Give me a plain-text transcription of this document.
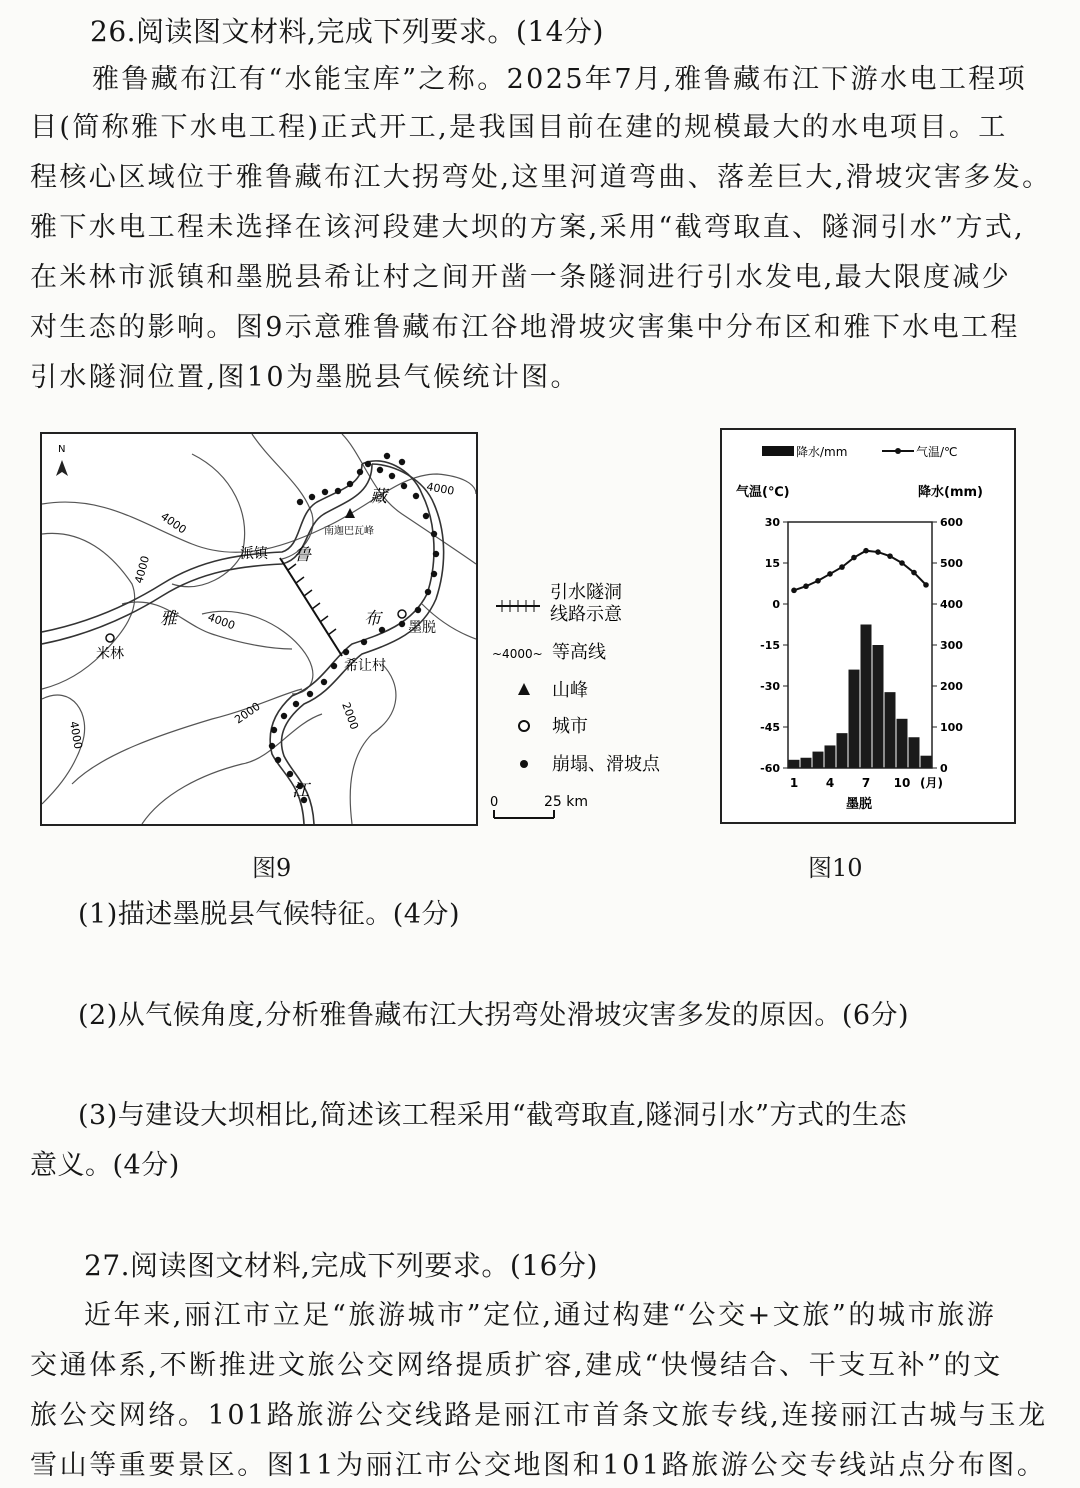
26.阅读图文材料,完成下列要求。(14分)
雅鲁藏布江有“水能宝库”之称。2025年7月,雅鲁藏布江下游水电工程项
目(简称雅下水电工程)正式开工,是我国目前在建的规模最大的水电项目。工
程核心区域位于雅鲁藏布江大拐弯处,这里河道弯曲、落差巨大,滑坡灾害多发。
雅下水电工程未选择在该河段建大坝的方案,采用“截弯取直、隧洞引水”方式,
在米林市派镇和墨脱县希让村之间开凿一条隧洞进行引水发电,最大限度减少
对生态的影响。图9示意雅鲁藏布江谷地滑坡灾害集中分布区和雅下水电工程
引水隧洞位置,图10为墨脱县气候统计图。
N
南迦巴瓦峰
米林
墨脱
派镇
希让村
雅
鲁
藏
布
江
4000
4000
4000
4000
4000
2000	2000
引水隧洞
线路示意
~4000~ 等高线
山峰
城市
崩塌、滑坡点
0	25 km
降水/mm	气温/℃
气温(℃)	降水(mm)
30
15
0
-15
-30
-45
-60
600
500
400
300
200
100
0
1 4 7 10 (月)
墨脱
图9	图10
(1)描述墨脱县气候特征。(4分)
(2)从气候角度,分析雅鲁藏布江大拐弯处滑坡灾害多发的原因。(6分)
(3)与建设大坝相比,简述该工程采用“截弯取直,隧洞引水”方式的生态
意义。(4分)
27.阅读图文材料,完成下列要求。(16分)
近年来,丽江市立足“旅游城市”定位,通过构建“公交+文旅”的城市旅游
交通体系,不断推进文旅公交网络提质扩容,建成“快慢结合、干支互补”的文
旅公交网络。101路旅游公交线路是丽江市首条文旅专线,连接丽江古城与玉龙
雪山等重要景区。图11为丽江市公交地图和101路旅游公交专线站点分布图。
